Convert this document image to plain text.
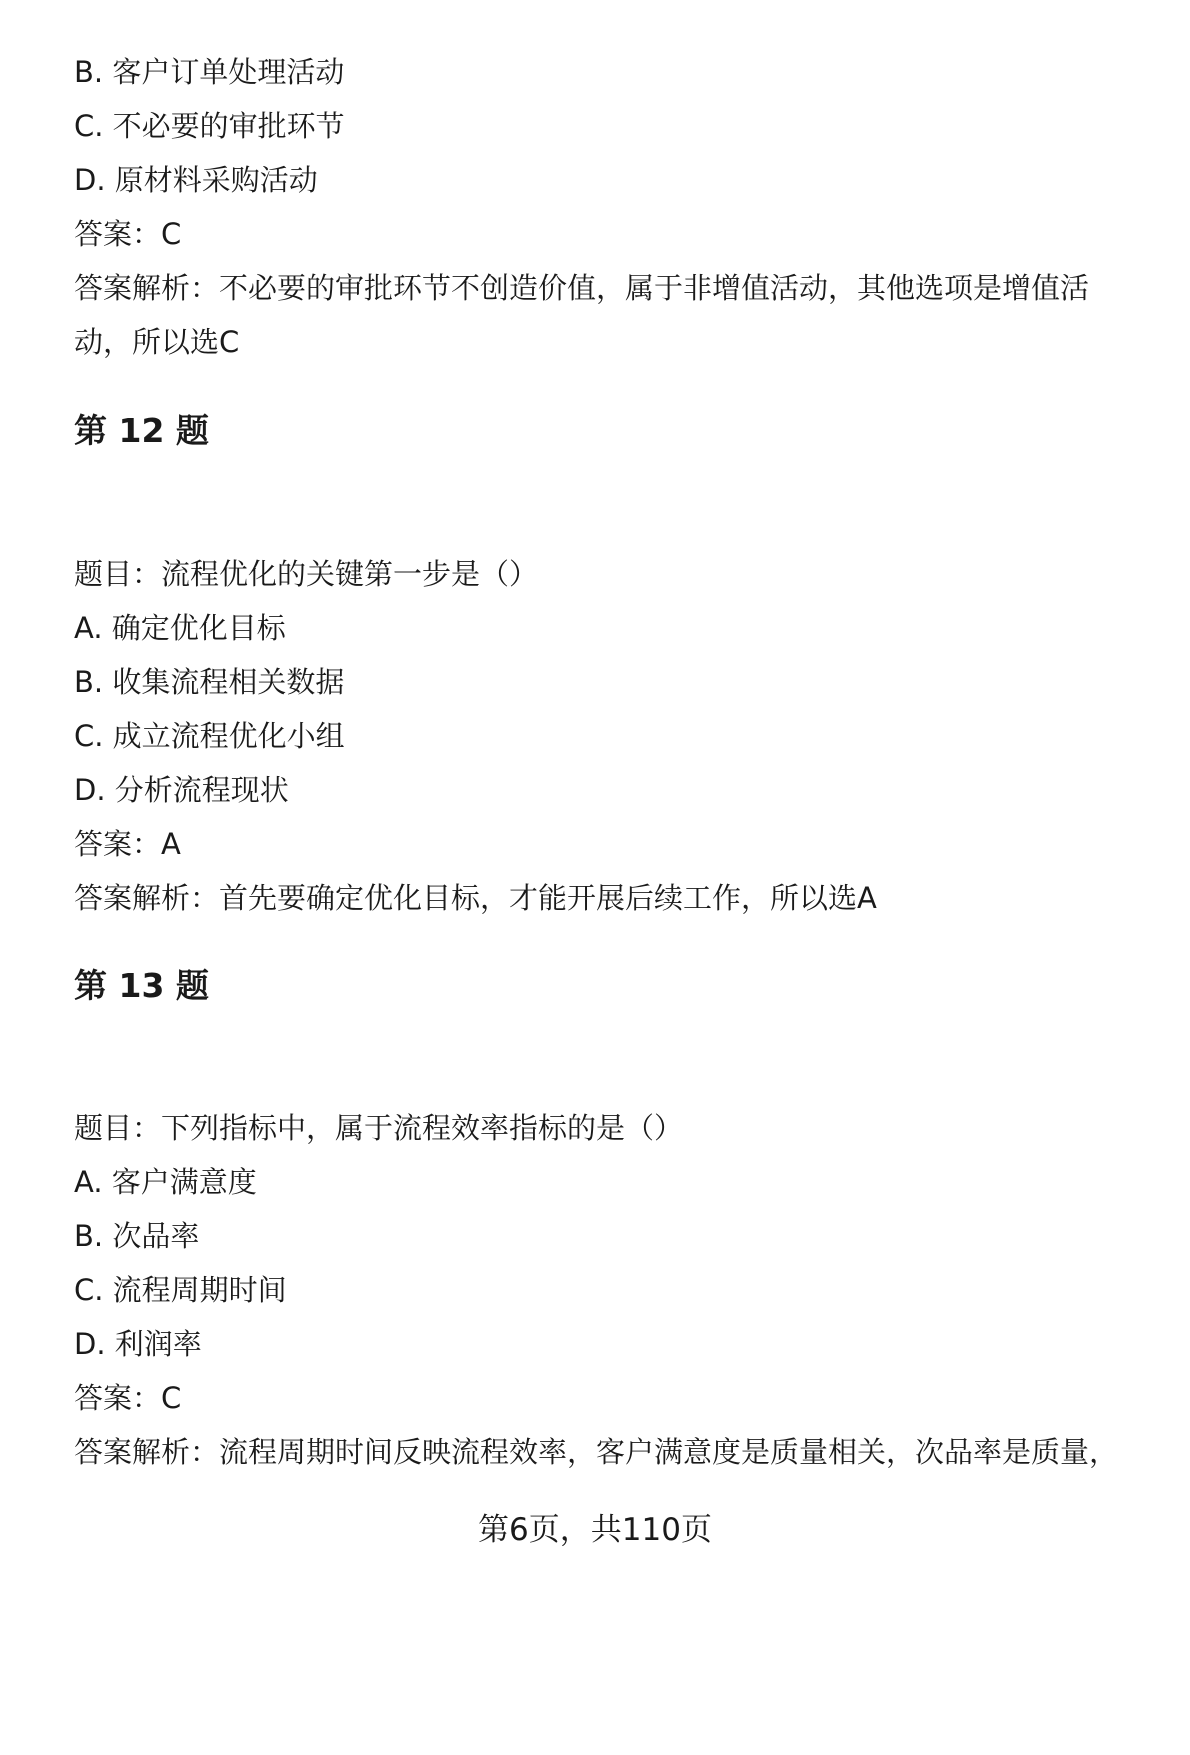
B. 客户订单处理活动
C. 不必要的审批环节
D. 原材料采购活动
答案：C
答案解析：不必要的审批环节不创造价值，属于非增值活动，其他选项是增值活
动，所以选C
第 12 题
题目：流程优化的关键第一步是（）
A. 确定优化目标
B. 收集流程相关数据
C. 成立流程优化小组
D. 分析流程现状
答案：A
答案解析：首先要确定优化目标，才能开展后续工作，所以选A
第 13 题
题目：下列指标中，属于流程效率指标的是（）
A. 客户满意度
B. 次品率
C. 流程周期时间
D. 利润率
答案：C
答案解析：流程周期时间反映流程效率，客户满意度是质量相关，次品率是质量，
第6页，共110页
